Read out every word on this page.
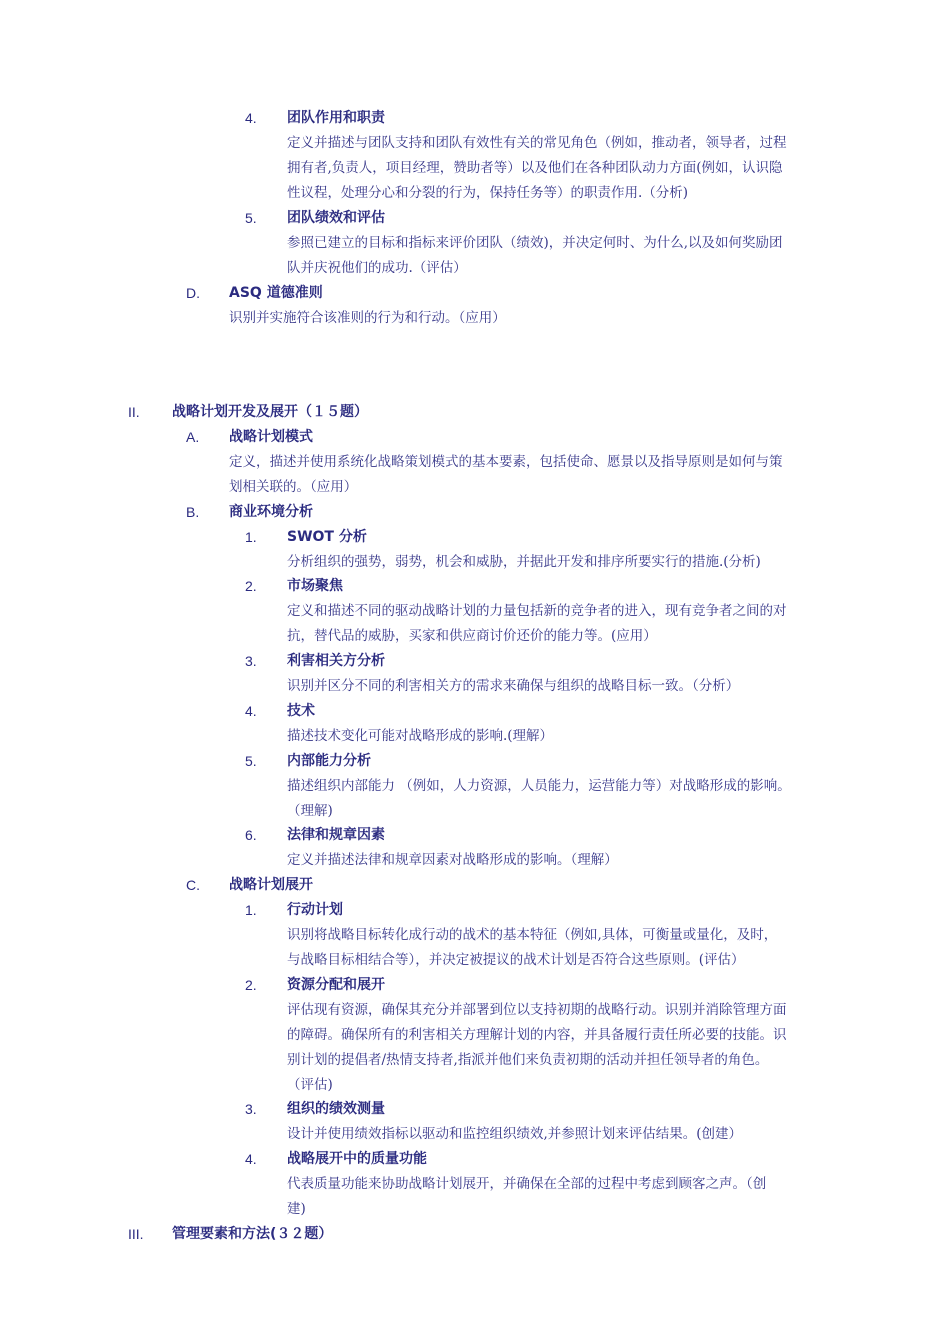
4. 团队作用和职责
定义并描述与团队支持和团队有效性有关的常见角色（例如，推动者，领导者，过程
拥有者,负责人，项目经理，赞助者等）以及他们在各种团队动力方面(例如，认识隐
性议程，处理分心和分裂的行为，保持任务等）的职责作用.（分析)
5. 团队绩效和评估
参照已建立的目标和指标来评价团队（绩效)，并决定何时、为什么,以及如何奖励团
队并庆祝他们的成功.（评估）
D. ASQ 道德准则
识别并实施符合该准则的行为和行动。（应用）
II. 战略计划开发及展开（１５题）
A. 战略计划模式
定义，描述并使用系统化战略策划模式的基本要素，包括使命、愿景以及指导原则是如何与策
划相关联的。（应用）
B. 商业环境分析
1. SWOT 分析
分析组织的强势，弱势，机会和威胁，并据此开发和排序所要实行的措施.(分析)
2. 市场聚焦
定义和描述不同的驱动战略计划的力量包括新的竞争者的进入，现有竞争者之间的对
抗，替代品的威胁，买家和供应商讨价还价的能力等。(应用）
3. 利害相关方分析
识别并区分不同的利害相关方的需求来确保与组织的战略目标一致。（分析）
4. 技术
描述技术变化可能对战略形成的影响.(理解）
5. 内部能力分析
描述组织内部能力 （例如，人力资源，人员能力，运营能力等）对战略形成的影响。
（理解)
6. 法律和规章因素
定义并描述法律和规章因素对战略形成的影响。（理解）
C. 战略计划展开
1. 行动计划
识别将战略目标转化成行动的战术的基本特征（例如,具体，可衡量或量化，及时，
与战略目标相结合等），并决定被提议的战术计划是否符合这些原则。(评估）
2. 资源分配和展开
评估现有资源，确保其充分并部署到位以支持初期的战略行动。识别并消除管理方面
的障碍。确保所有的利害相关方理解计划的内容，并具备履行责任所必要的技能。识
别计划的提倡者/热情支持者,指派并他们来负责初期的活动并担任领导者的角色。
（评估)
3. 组织的绩效测量
设计并使用绩效指标以驱动和监控组织绩效,并参照计划来评估结果。(创建）
4. 战略展开中的质量功能
代表质量功能来协助战略计划展开，并确保在全部的过程中考虑到顾客之声。（创
建)
III. 管理要素和方法(３２题）
